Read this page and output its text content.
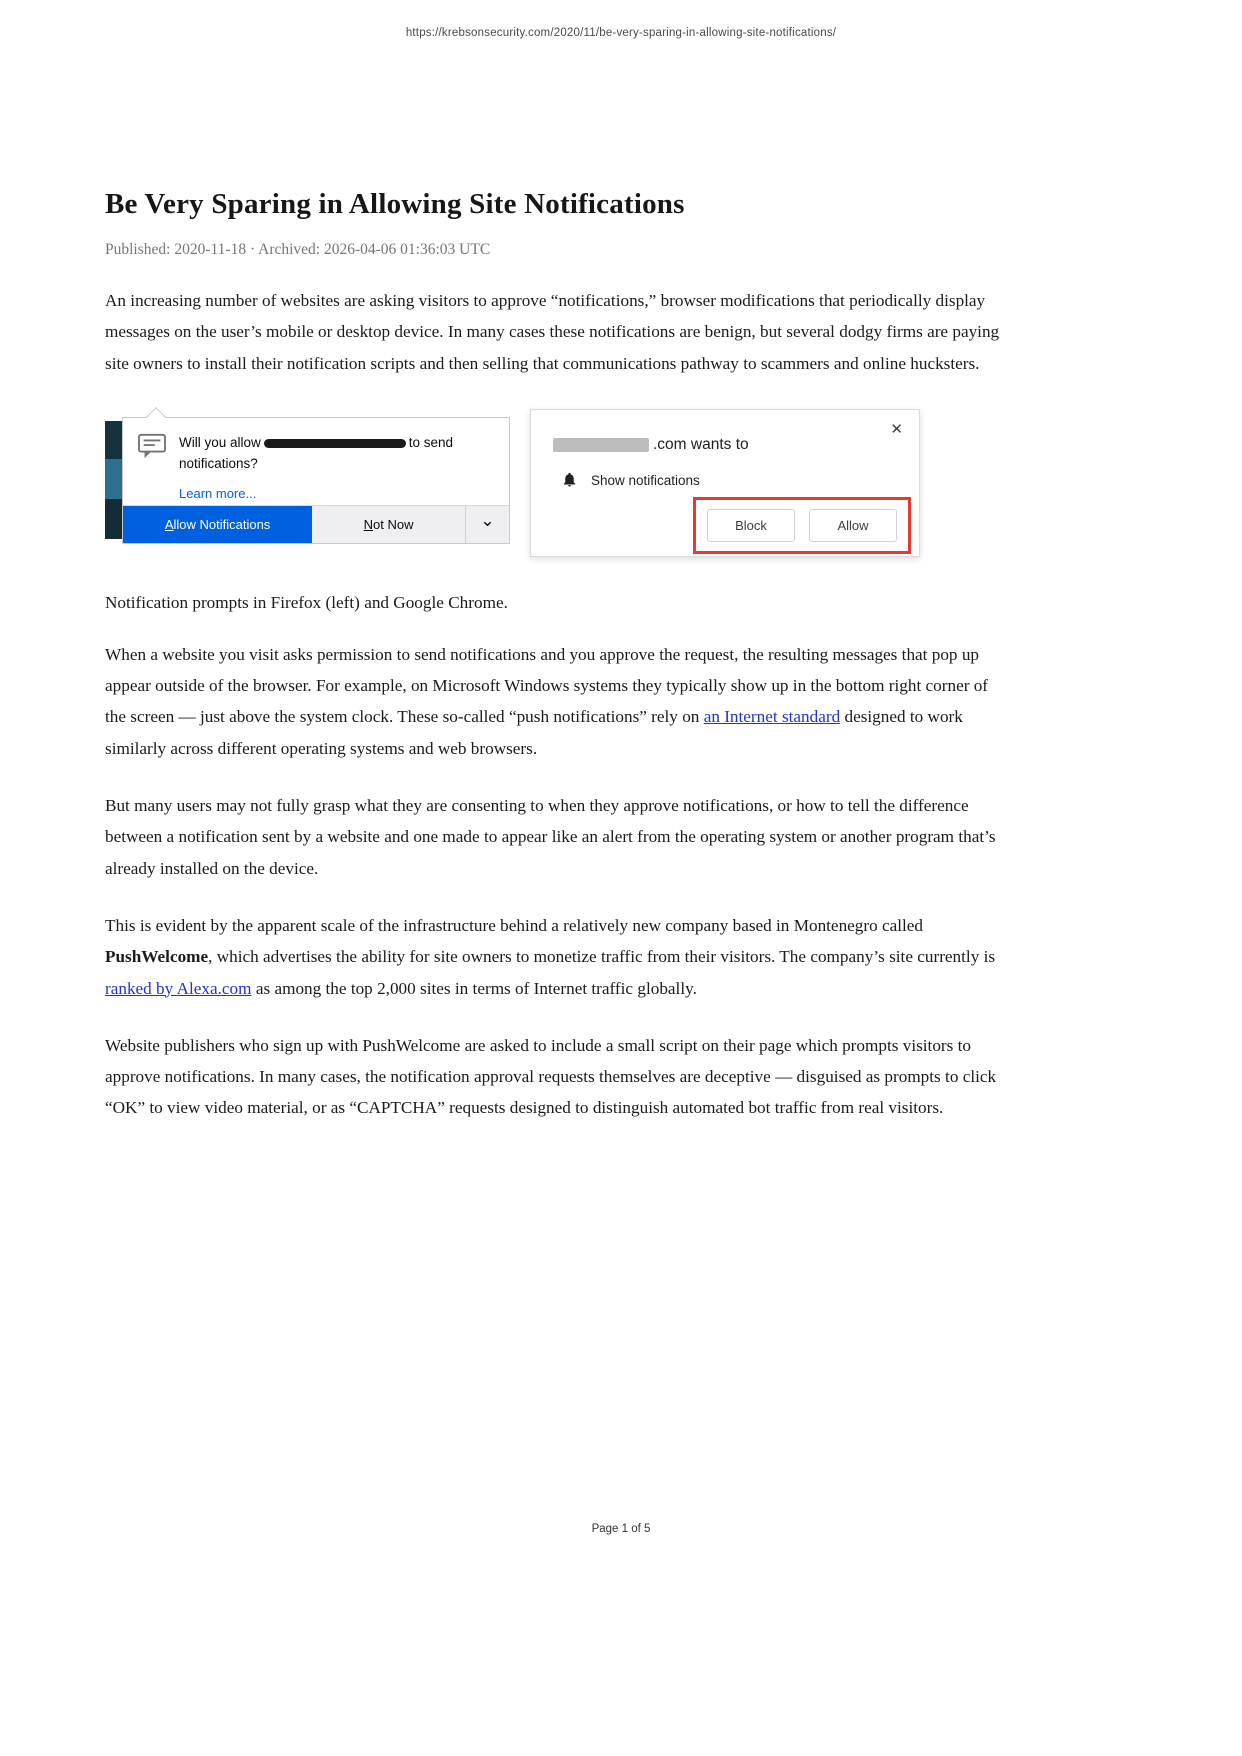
https://krebsonsecurity.com/2020/11/be-very-sparing-in-allowing-site-notifications/
Be Very Sparing in Allowing Site Notifications
Published: 2020-11-18 · Archived: 2026-04-06 01:36:03 UTC

An increasing number of websites are asking visitors to approve “notifications,” browser modifications that periodically display messages on the user’s mobile or desktop device. In many cases these notifications are benign, but several dodgy firms are paying site owners to install their notification scripts and then selling that communications pathway to scammers and online hucksters.

Will you allow	to send notifications?
Learn more...
Allow Notifications	Not Now	⌄
✕
.com wants to
Show notifications
Block	Allow

Notification prompts in Firefox (left) and Google Chrome.

When a website you visit asks permission to send notifications and you approve the request, the resulting messages that pop up appear outside of the browser. For example, on Microsoft Windows systems they typically show up in the bottom right corner of the screen — just above the system clock. These so-called “push notifications” rely on an Internet standard designed to work similarly across different operating systems and web browsers.

But many users may not fully grasp what they are consenting to when they approve notifications, or how to tell the difference between a notification sent by a website and one made to appear like an alert from the operating system or another program that’s already installed on the device.

This is evident by the apparent scale of the infrastructure behind a relatively new company based in Montenegro called PushWelcome, which advertises the ability for site owners to monetize traffic from their visitors. The company’s site currently is ranked by Alexa.com as among the top 2,000 sites in terms of Internet traffic globally.

Website publishers who sign up with PushWelcome are asked to include a small script on their page which prompts visitors to approve notifications. In many cases, the notification approval requests themselves are deceptive — disguised as prompts to click “OK” to view video material, or as “CAPTCHA” requests designed to distinguish automated bot traffic from real visitors.

Page 1 of 5
